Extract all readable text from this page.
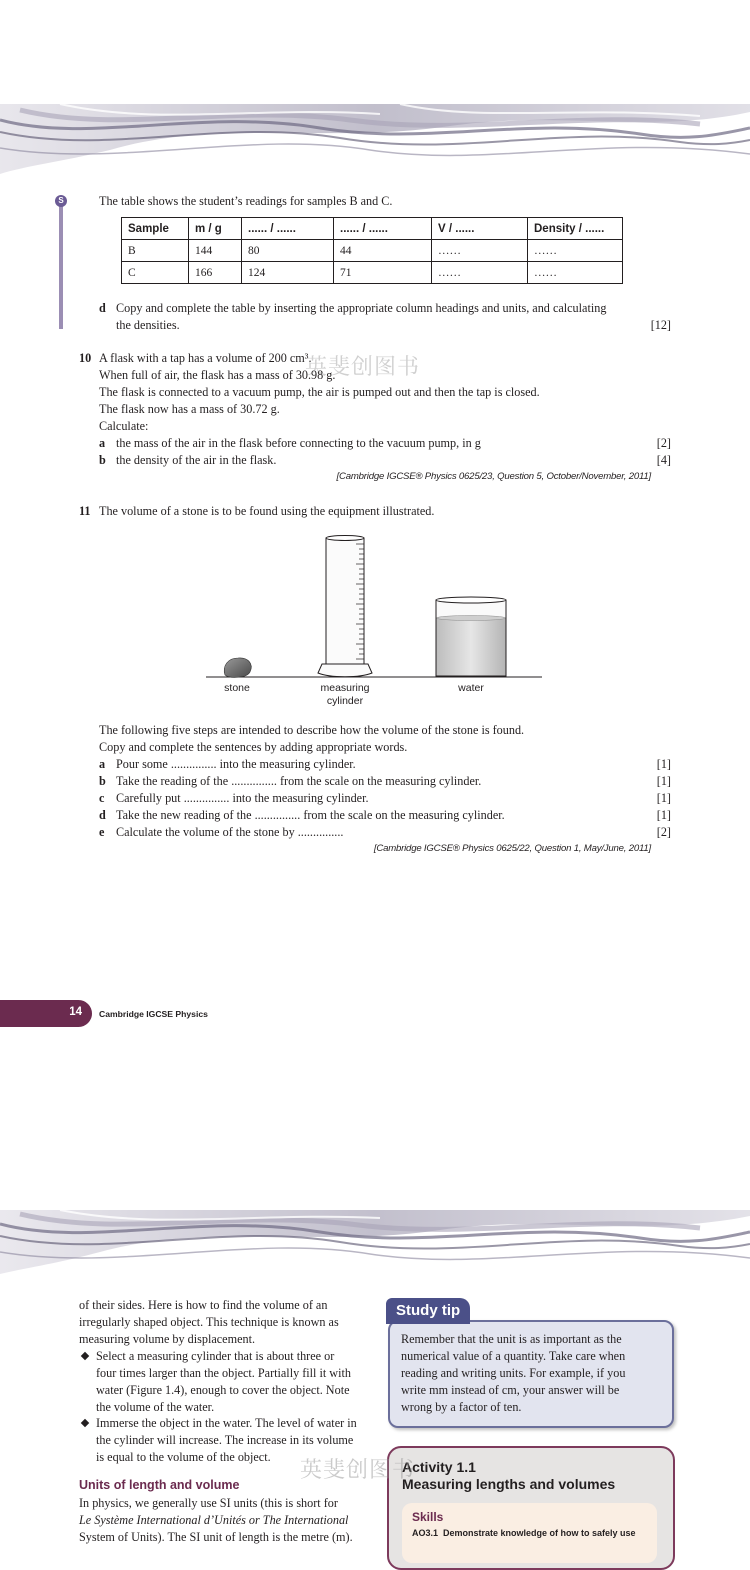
S	The table shows the student’s readings for samples B and C.
Sample	m / g	...... / ......	...... / ......	V / ......	Density / ......
B	144	80	44	……	……
C	166	124	71	……	……
d Copy and complete the table by inserting the appropriate column headings and units, and calculating
the densities.	[12]
10 A flask with a tap has a volume of 200 cm³.
When full of air, the flask has a mass of 30.98 g.
The flask is connected to a vacuum pump, the air is pumped out and then the tap is closed.
The flask now has a mass of 30.72 g.
Calculate:
a the mass of the air in the flask before connecting to the vacuum pump, in g	[2]
b the density of the air in the flask.	[4]
[Cambridge IGCSE® Physics 0625/23, Question 5, October/November, 2011]
英斐创图书
11 The volume of a stone is to be found using the equipment illustrated.
stone	measuring
cylinder
water
The following five steps are intended to describe how the volume of the stone is found.
Copy and complete the sentences by adding appropriate words.
a Pour some ............... into the measuring cylinder.	[1]
b Take the reading of the ............... from the scale on the measuring cylinder.	[1]
c Carefully put ............... into the measuring cylinder.	[1]
d Take the new reading of the ............... from the scale on the measuring cylinder.	[1]
e Calculate the volume of the stone by ...............	[2]
[Cambridge IGCSE® Physics 0625/22, Question 1, May/June, 2011]
14 Cambridge IGCSE Physics
of their sides. Here is how to find the volume of an
irregularly shaped object. This technique is known as
measuring volume by displacement.
Select a measuring cylinder that is about three or
four times larger than the object. Partially fill it with
water (Figure 1.4), enough to cover the object. Note
the volume of the water.
Immerse the object in the water. The level of water in
the cylinder will increase. The increase in its volume
is equal to the volume of the object.
Units of length and volume
In physics, we generally use SI units (this is short for
Le Système International d’Unités or The International
System of Units). The SI unit of length is the metre (m).
Study tip
Remember that the unit is as important as the
numerical value of a quantity. Take care when
reading and writing units. For example, if you
write mm instead of cm, your answer will be
wrong by a factor of ten.
Activity 1.1
Measuring lengths and volumes
Skills
AO3.1  Demonstrate knowledge of how to safely use
英斐创图书
